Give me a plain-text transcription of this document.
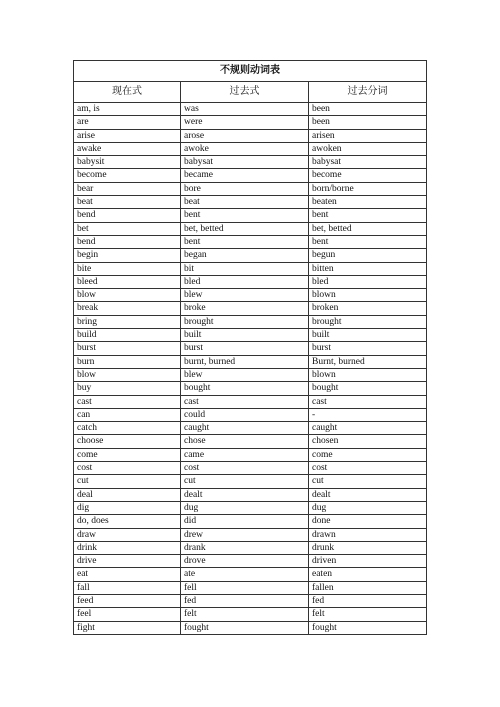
不规则动词表		
现在式	过去式	过去分词
am, is	was	been
are	were	been
arise	arose	arisen
awake	awoke	awoken
babysit	babysat	babysat
become	became	become
bear	bore	born/borne
beat	beat	beaten
bend	bent	bent
bet	bet, betted	bet, betted
bend	bent	bent
begin	began	begun
bite	bit	bitten
bleed	bled	bled
blow	blew	blown
break	broke	broken
bring	brought	brought
build	built	built
burst	burst	burst
burn	burnt, burned	Burnt, burned
blow	blew	blown
buy	bought	bought
cast	cast	cast
can	could	-
catch	caught	caught
choose	chose	chosen
come	came	come
cost	cost	cost
cut	cut	cut
deal	dealt	dealt
dig	dug	dug
do, does	did	done
draw	drew	drawn
drink	drank	drunk
drive	drove	driven
eat	ate	eaten
fall	fell	fallen
feed	fed	fed
feel	felt	felt
fight	fought	fought
